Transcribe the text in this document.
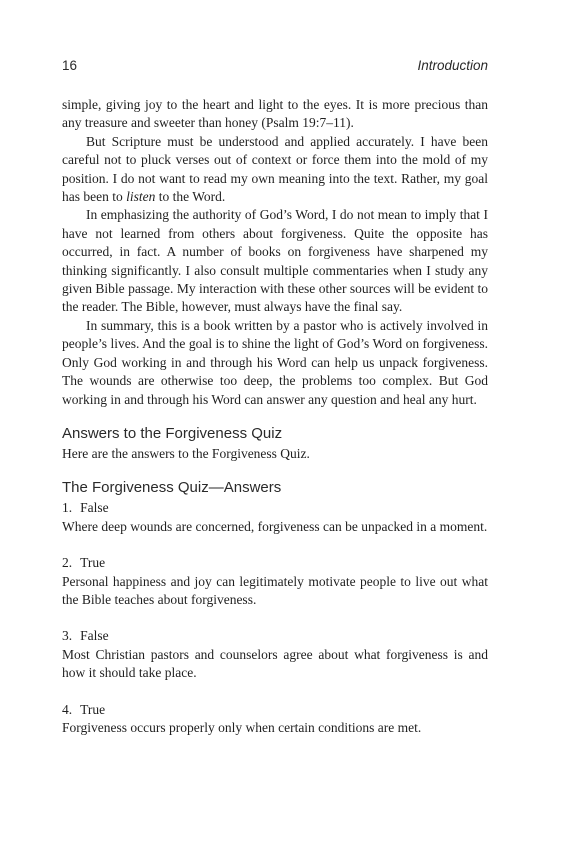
16	Introduction

simple, giving joy to the heart and light to the eyes. It is more precious than any treasure and sweeter than honey (Psalm 19:7–11).

But Scripture must be understood and applied accurately. I have been careful not to pluck verses out of context or force them into the mold of my position. I do not want to read my own meaning into the text. Rather, my goal has been to listen to the Word.

In emphasizing the authority of God’s Word, I do not mean to imply that I have not learned from others about forgiveness. Quite the opposite has occurred, in fact. A number of books on forgiveness have sharpened my thinking significantly. I also consult multiple commentaries when I study any given Bible passage. My interaction with these other sources will be evident to the reader. The Bible, however, must always have the final say.

In summary, this is a book written by a pastor who is actively involved in people’s lives. And the goal is to shine the light of God’s Word on forgiveness. Only God working in and through his Word can help us unpack forgiveness. The wounds are otherwise too deep, the problems too complex. But God working in and through his Word can answer any question and heal any hurt.

Answers to the Forgiveness Quiz

Here are the answers to the Forgiveness Quiz.

The Forgiveness Quiz—Answers
1. False
Where deep wounds are concerned, forgiveness can be unpacked in a moment.
2. True
Personal happiness and joy can legitimately motivate people to live out what the Bible teaches about forgiveness.
3. False
Most Christian pastors and counselors agree about what forgiveness is and how it should take place.
4. True
Forgiveness occurs properly only when certain conditions are met.
